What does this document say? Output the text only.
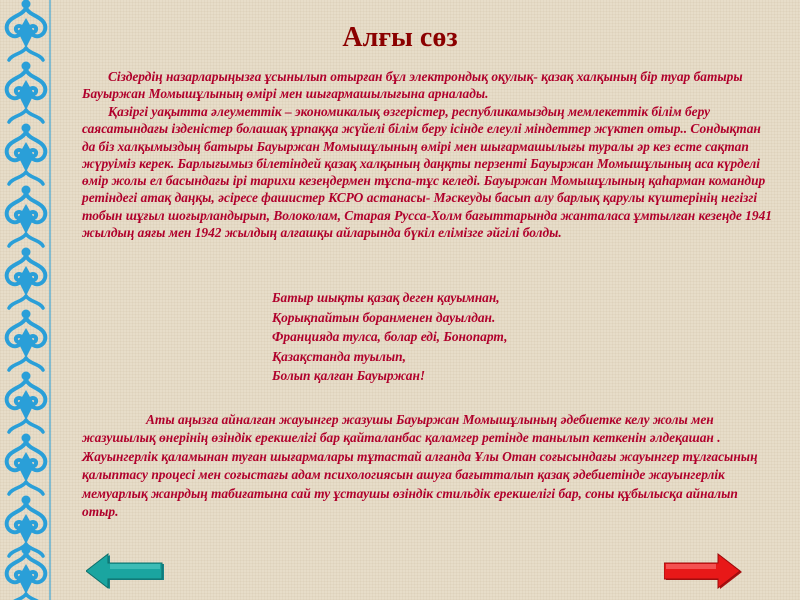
Алғы сөз

Сіздердің назарларыңызға ұсынылып отырған бұл электрондық оқулық- қазақ халқының бір туар батыры Бауыржан Момышұлының өмірі мен шығармашылығына арналады.

Қазіргі уақытта әлеуметтік – экономикалық өзгерістер, республикамыздың мемлекеттік білім беру саясатындағы ізденістер болашақ ұрпаққа жүйелі білім беру ісінде елеулі міндеттер жүктеп отыр.. Сондықтан да біз халқымыздың батыры Бауыржан Момышұлының өмірі мен шығармашылығы туралы әр кез есте сақтап жүруіміз керек. Барлығымыз білетіндей қазақ халқының даңқты перзенті Бауыржан Момышұлының аса күрделі өмір жолы ел басындағы ірі тарихи кезеңдермен тұспа-тұс келеді. Бауыржан Момышұлының қаһарман командир ретіндегі атақ даңқы, әсіресе фашистер КСРО астанасы- Мәскеуды басып алу барлық қарулы күштерінің негізгі тобын шұғыл шоғырландырып, Волоколам, Старая Русса-Холм бағыттарында жанталаса ұмтылған кезеңде 1941 жылдың аяғы мен 1942 жылдың алғашқы айларында бүкіл елімізге әйгілі болды.

Батыр шықты қазақ деген қауымнан,
Қорықпайтын боранменен дауылдан.
Францияда тулса, болар еді, Бонопарт,
Қазақстанда туылып,
Болып қалған Бауыржан!

Аты аңызға айналған жауынгер жазушы Бауыржан Момышұлының әдебиетке келу жолы мен жазушылық өнерінің өзіндік ерекшелігі бар қайталанбас қаламгер ретінде танылып кеткенін әлдеқашан . Жауынгерлік қаламынан туған шығармалары тұтастай алғанда Ұлы Отан соғысындағы жауынгер тұлғасының қалыптасу процесі мен соғыстағы адам психологиясын ашуға бағытталып қазақ әдебиетінде жауынгерлік мемуарлық жанрдың табиғатына сай ту ұстаушы өзіндік стильдік ерекшелігі бар, соны құбылысқа айналып отыр.
